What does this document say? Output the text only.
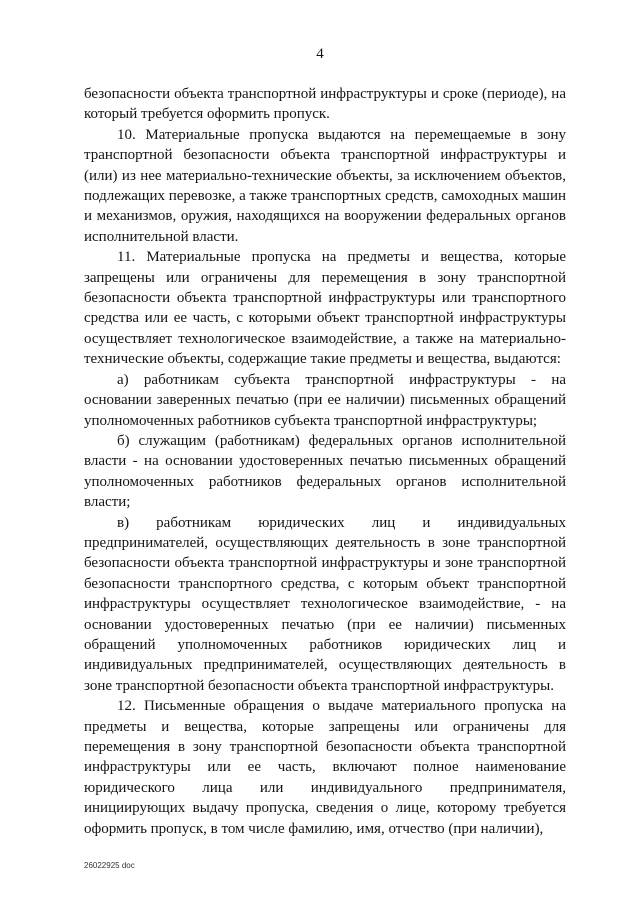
4

безопасности объекта транспортной инфраструктуры и сроке (периоде), на который требуется оформить пропуск.

10. Материальные пропуска выдаются на перемещаемые в зону транспортной безопасности объекта транспортной инфраструктуры и (или) из нее материально-технические объекты, за исключением объектов, подлежащих перевозке, а также транспортных средств, самоходных машин и механизмов, оружия, находящихся на вооружении федеральных органов исполнительной власти.

11. Материальные пропуска на предметы и вещества, которые запрещены или ограничены для перемещения в зону транспортной безопасности объекта транспортной инфраструктуры или транспортного средства или ее часть, с которыми объект транспортной инфраструктуры осуществляет технологическое взаимодействие, а также на материально-технические объекты, содержащие такие предметы и вещества, выдаются:

а) работникам субъекта транспортной инфраструктуры - на основании заверенных печатью (при ее наличии) письменных обращений уполномоченных работников субъекта транспортной инфраструктуры;

б) служащим (работникам) федеральных органов исполнительной власти - на основании удостоверенных печатью письменных обращений уполномоченных работников федеральных органов исполнительной власти;

в) работникам юридических лиц и индивидуальных предпринимателей, осуществляющих деятельность в зоне транспортной безопасности объекта транспортной инфраструктуры и зоне транспортной безопасности транспортного средства, с которым объект транспортной инфраструктуры осуществляет технологическое взаимодействие, - на основании удостоверенных печатью (при ее наличии) письменных обращений уполномоченных работников юридических лиц и индивидуальных предпринимателей, осуществляющих деятельность в зоне транспортной безопасности объекта транспортной инфраструктуры.

12. Письменные обращения о выдаче материального пропуска на предметы и вещества, которые запрещены или ограничены для перемещения в зону транспортной безопасности объекта транспортной инфраструктуры или ее часть, включают полное наименование юридического лица или индивидуального предпринимателя, инициирующих выдачу пропуска, сведения о лице, которому требуется оформить пропуск, в том числе фамилию, имя, отчество (при наличии),

26022925 doc
